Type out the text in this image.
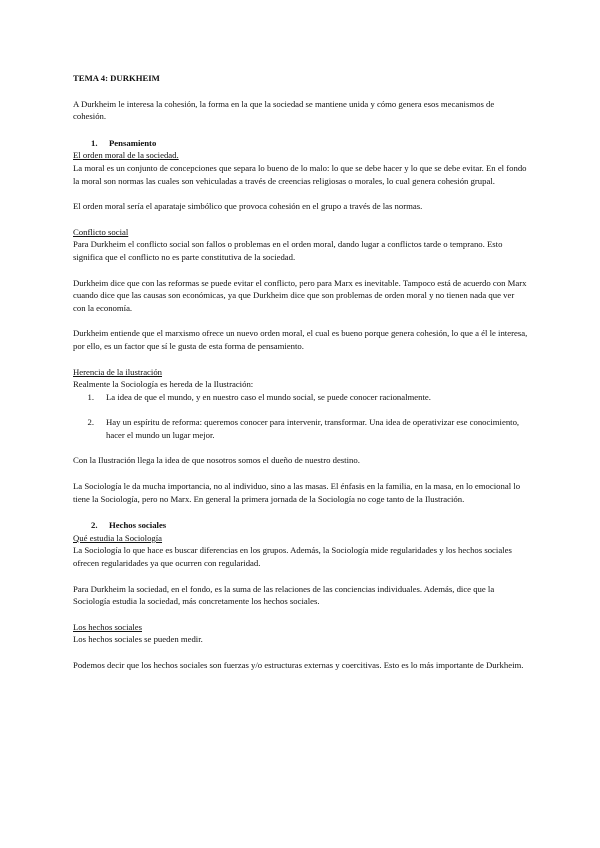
TEMA 4: DURKHEIM

A Durkheim le interesa la cohesión, la forma en la que la sociedad se mantiene unida y cómo genera esos mecanismos de cohesión.

1.	Pensamiento

El orden moral de la sociedad.

La moral es un conjunto de concepciones que separa lo bueno de lo malo: lo que se debe hacer y lo que se debe evitar. En el fondo la moral son normas las cuales son vehiculadas a través de creencias religiosas o morales, lo cual genera cohesión grupal.

El orden moral sería el aparataje simbólico que provoca cohesión en el grupo a través de las normas.

Conflicto social

Para Durkheim el conflicto social son fallos o problemas en el orden moral, dando lugar a conflictos tarde o temprano. Esto significa que el conflicto no es parte constitutiva de la sociedad.

Durkheim dice que con las reformas se puede evitar el conflicto, pero para Marx es inevitable. Tampoco está de acuerdo con Marx cuando dice que las causas son económicas, ya que Durkheim dice que son problemas de orden moral y no tienen nada que ver con la economía.

Durkheim entiende que el marxismo ofrece un nuevo orden moral, el cual es bueno porque genera cohesión, lo que a él le interesa, por ello, es un factor que sí le gusta de esta forma de pensamiento.

Herencia de la ilustración

Realmente la Sociología es hereda de la Ilustración:

1.	La idea de que el mundo, y en nuestro caso el mundo social, se puede conocer racionalmente.
2.	Hay un espíritu de reforma: queremos conocer para intervenir, transformar. Una idea de operativizar ese conocimiento, hacer el mundo un lugar mejor.

Con la Ilustración llega la idea de que nosotros somos el dueño de nuestro destino.

La Sociología le da mucha importancia, no al individuo, sino a las masas. El énfasis en la familia, en la masa, en lo emocional lo tiene la Sociología, pero no Marx. En general la primera jornada de la Sociología no coge tanto de la Ilustración.

2.	Hechos sociales

Qué estudia la Sociología

La Sociología lo que hace es buscar diferencias en los grupos. Además, la Sociología mide regularidades y los hechos sociales ofrecen regularidades ya que ocurren con regularidad.

Para Durkheim la sociedad, en el fondo, es la suma de las relaciones de las conciencias individuales. Además, dice que la Sociología estudia la sociedad, más concretamente los hechos sociales.

Los hechos sociales

Los hechos sociales se pueden medir.

Podemos decir que los hechos sociales son fuerzas y/o estructuras externas y coercitivas. Esto es lo más importante de Durkheim.
